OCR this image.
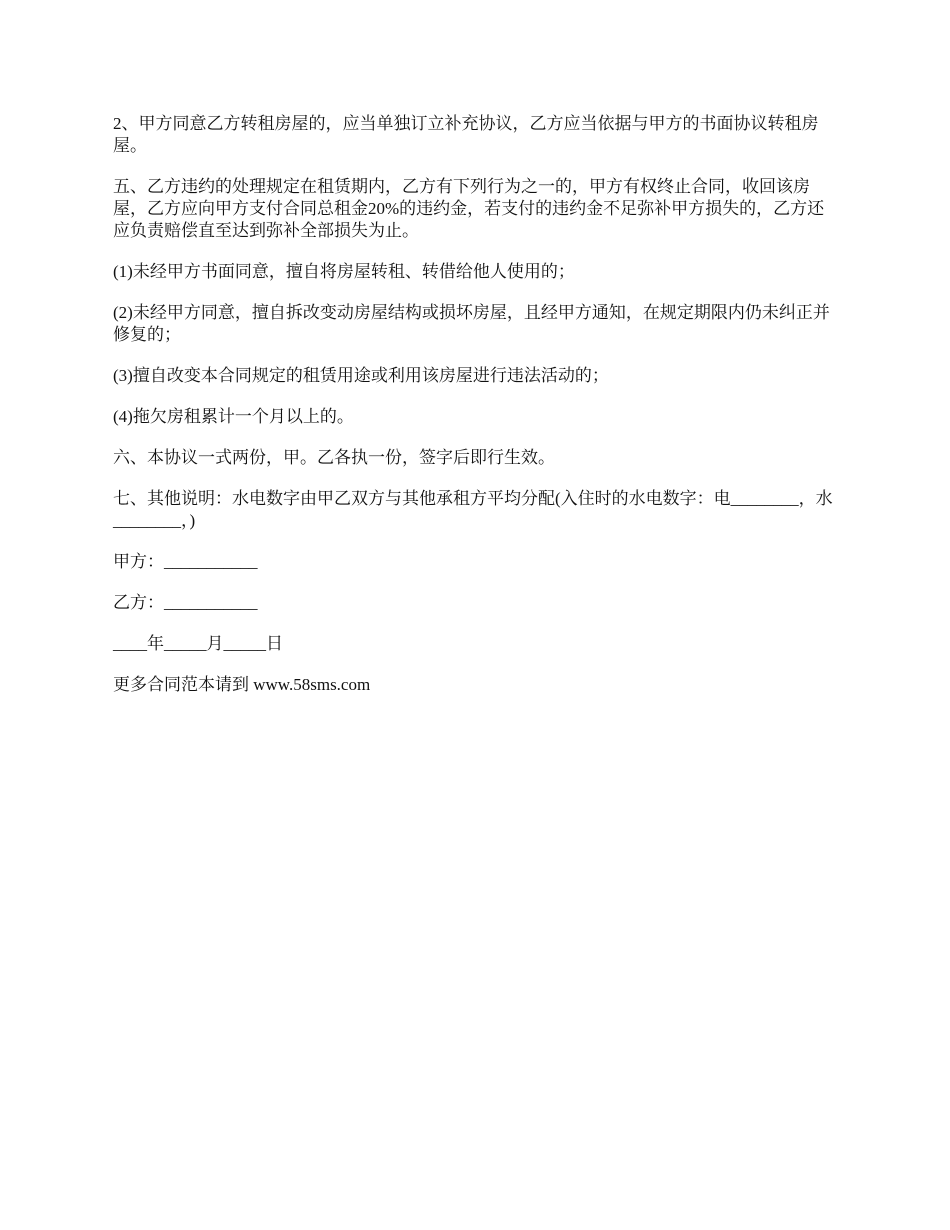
2、甲方同意乙方转租房屋的，应当单独订立补充协议，乙方应当依据与甲方的书面协议转租房屋。

五、乙方违约的处理规定在租赁期内，乙方有下列行为之一的，甲方有权终止合同，收回该房屋，乙方应向甲方支付合同总租金20%的违约金，若支付的违约金不足弥补甲方损失的，乙方还应负责赔偿直至达到弥补全部损失为止。

(1)未经甲方书面同意，擅自将房屋转租、转借给他人使用的；

(2)未经甲方同意，擅自拆改变动房屋结构或损坏房屋，且经甲方通知，在规定期限内仍未纠正并修复的；

(3)擅自改变本合同规定的租赁用途或利用该房屋进行违法活动的；

(4)拖欠房租累计一个月以上的。

六、本协议一式两份，甲。乙各执一份，签字后即行生效。

七、其他说明：水电数字由甲乙双方与其他承租方平均分配(入住时的水电数字：电________，水________，)

甲方：___________

乙方：___________

____年_____月_____日

更多合同范本请到 www.58sms.com
